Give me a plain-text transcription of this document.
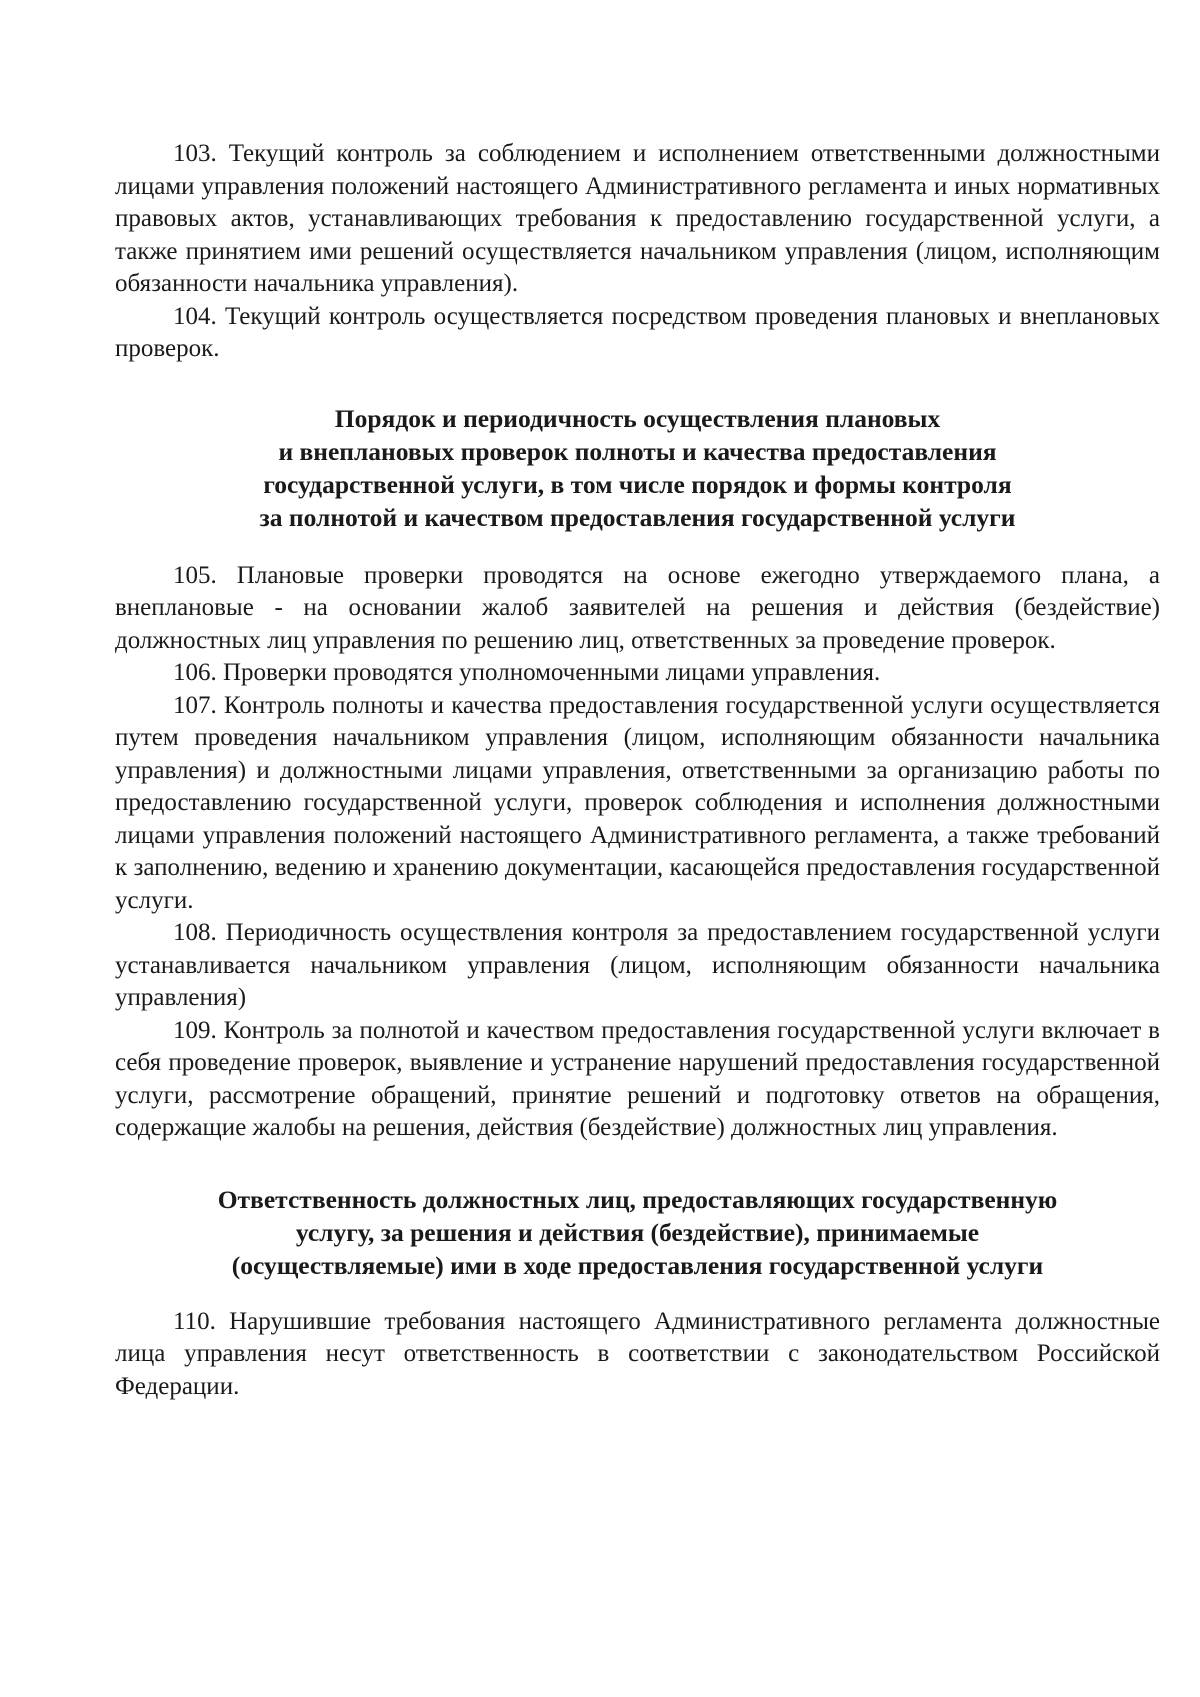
103. Текущий контроль за соблюдением и исполнением ответственными должностными лицами управления положений настоящего Административного регламента и иных нормативных правовых актов, устанавливающих требования к предоставлению государственной услуги, а также принятием ими решений осуществляется начальником управления (лицом, исполняющим обязанности начальника управления).

104. Текущий контроль осуществляется посредством проведения плановых и внеплановых проверок.

Порядок и периодичность осуществления плановых
и внеплановых проверок полноты и качества предоставления
государственной услуги, в том числе порядок и формы контроля
за полнотой и качеством предоставления государственной услуги

105. Плановые проверки проводятся на основе ежегодно утверждаемого плана, а внеплановые - на основании жалоб заявителей на решения и действия (бездействие) должностных лиц управления по решению лиц, ответственных за проведение проверок.

106. Проверки проводятся уполномоченными лицами управления.

107. Контроль полноты и качества предоставления государственной услуги осуществляется путем проведения начальником управления (лицом, исполняющим обязанности начальника управления) и должностными лицами управления, ответственными за организацию работы по предоставлению государственной услуги, проверок соблюдения и исполнения должностными лицами управления положений настоящего Административного регламента, а также требований к заполнению, ведению и хранению документации, касающейся предоставления государственной услуги.

108. Периодичность осуществления контроля за предоставлением государственной услуги устанавливается начальником управления (лицом, исполняющим обязанности начальника управления)

109. Контроль за полнотой и качеством предоставления государственной услуги включает в себя проведение проверок, выявление и устранение нарушений предоставления государственной услуги, рассмотрение обращений, принятие решений и подготовку ответов на обращения, содержащие жалобы на решения, действия (бездействие) должностных лиц управления.

Ответственность должностных лиц, предоставляющих государственную
услугу, за решения и действия (бездействие), принимаемые
(осуществляемые) ими в ходе предоставления государственной услуги

110. Нарушившие требования настоящего Административного регламента должностные лица управления несут ответственность в соответствии с законодательством Российской Федерации.
